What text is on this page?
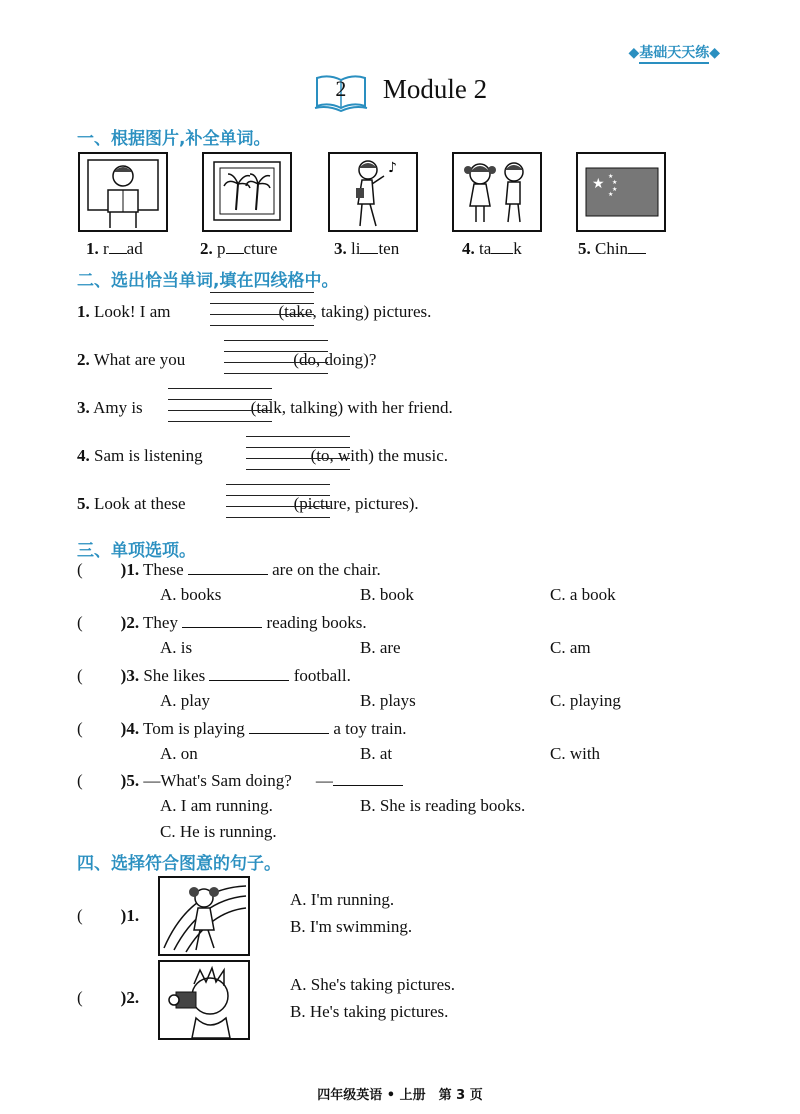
◆基础天天练◆
2	Module 2
一、根据图片,补全单词。
♪
★ ★
★
★
★
1. r ad	2. p cture	3. li ten	4. ta k	5. Chin
二、选出恰当单词,填在四线格中。
1. Look! I am	(take, taking) pictures.
2. What are you	(do, doing)?
3. Amy is	(talk, talking) with her friend.
4. Sam is listening	(to, with) the music.
5. Look at these	(picture, pictures).
三、单项选项。
( )1. These	are on the chair.
A. books	B. book	C. a book
( )2. They	reading books.
A. is	B. are	C. am
( )3. She likes	football.
A. play	B. plays	C. playing
( )4. Tom is playing	a toy train.
A. on	B. at	C. with
( )5. —What's Sam doing? —
A. I am running.	B. She is reading books.
C. He is running.
四、选择符合图意的句子。
( )1.
A. I'm running.
B. I'm swimming.
( )2.
A. She's taking pictures.
B. He's taking pictures.
四年级英语 • 上册　第 3 页
